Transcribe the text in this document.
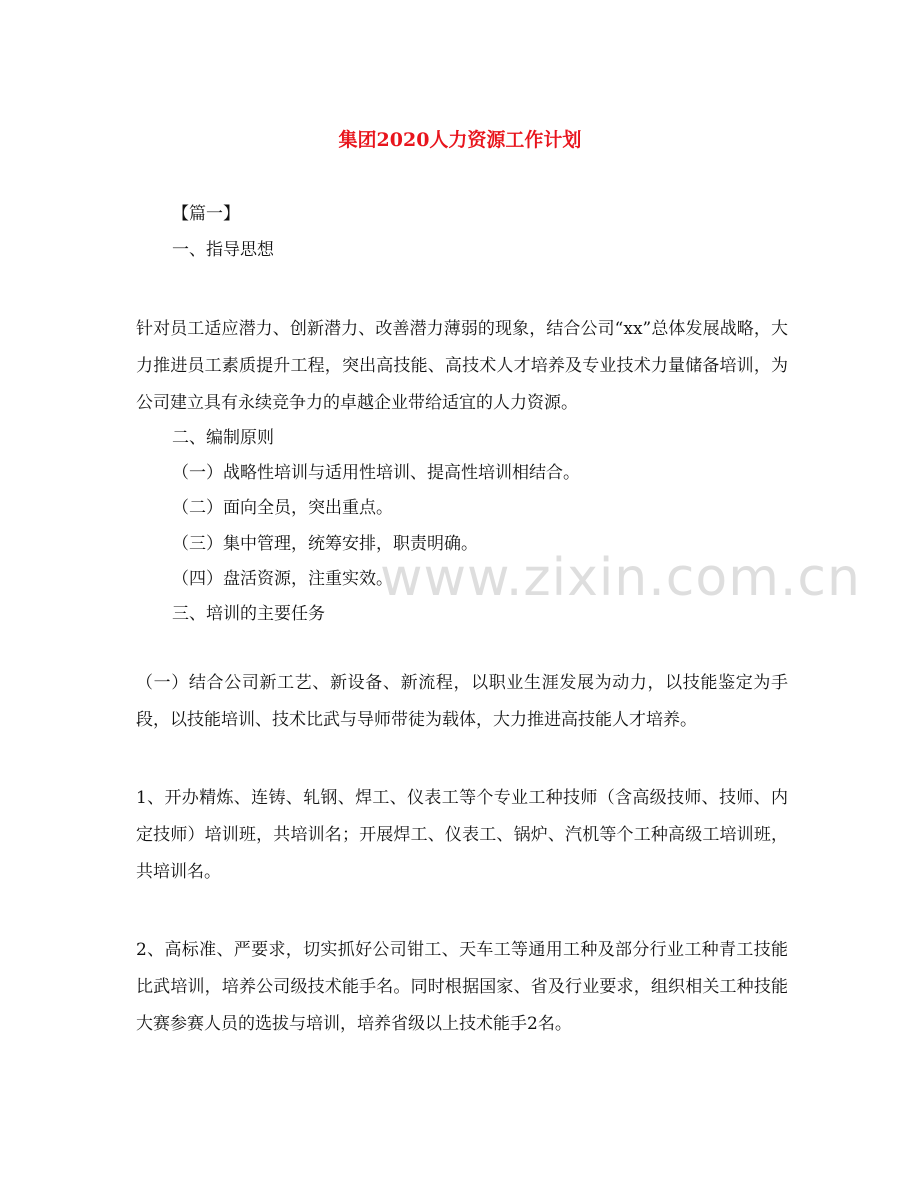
集团2020人力资源工作计划
【篇一】
一、指导思想
针对员工适应潜力、创新潜力、改善潜力薄弱的现象，结合公司“xx”总体发展战略，大力推进员工素质提升工程，突出高技能、高技术人才培养及专业技术力量储备培训，为公司建立具有永续竞争力的卓越企业带给适宜的人力资源。
二、编制原则
（一）战略性培训与适用性培训、提高性培训相结合。
（二）面向全员，突出重点。
（三）集中管理，统筹安排，职责明确。
（四）盘活资源，注重实效。
三、培训的主要任务
（一）结合公司新工艺、新设备、新流程，以职业生涯发展为动力，以技能鉴定为手段，以技能培训、技术比武与导师带徒为载体，大力推进高技能人才培养。
1、开办精炼、连铸、轧钢、焊工、仪表工等个专业工种技师（含高级技师、技师、内定技师）培训班，共培训名；开展焊工、仪表工、锅炉、汽机等个工种高级工培训班，共培训名。
2、高标准、严要求，切实抓好公司钳工、天车工等通用工种及部分行业工种青工技能比武培训，培养公司级技术能手名。同时根据国家、省及行业要求，组织相关工种技能大赛参赛人员的选拔与培训，培养省级以上技术能手2名。
www.zixin.com.cn
